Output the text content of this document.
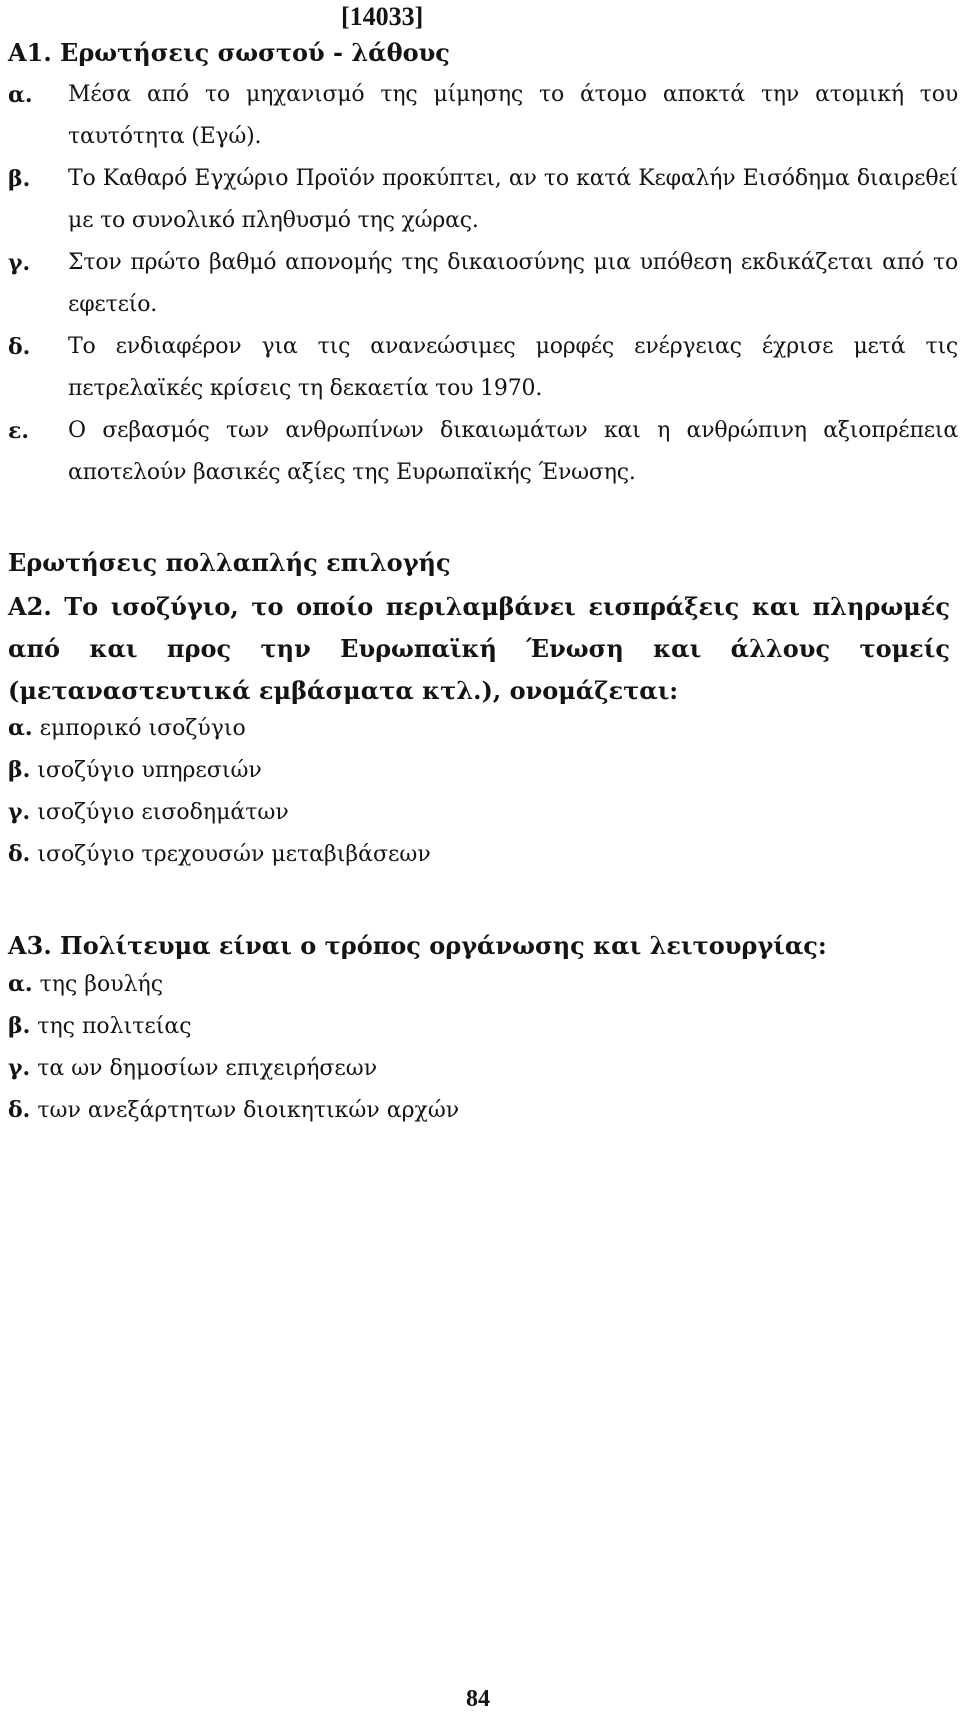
[14033]
Α1. Ερωτήσεις σωστού - λάθους
α. Μέσα από το μηχανισμό της μίμησης το άτομο αποκτά την ατομική του ταυτότητα (Εγώ).
β. Το Καθαρό Εγχώριο Προϊόν προκύπτει, αν το κατά Κεφαλήν Εισόδημα διαιρεθεί με το συνολικό πληθυσμό της χώρας.
γ. Στον πρώτο βαθμό απονομής της δικαιοσύνης μια υπόθεση εκδικάζεται από το εφετείο.
δ. Το ενδιαφέρον για τις ανανεώσιμες μορφές ενέργειας έχρισε μετά τις πετρελαϊκές κρίσεις τη δεκαετία του 1970.
ε. Ο σεβασμός των ανθρωπίνων δικαιωμάτων και η ανθρώπινη αξιοπρέπεια αποτελούν βασικές αξίες της Ευρωπαϊκής Ένωσης.
Ερωτήσεις πολλαπλής επιλογής
Α2. Το ισοζύγιο, το οποίο περιλαμβάνει εισπράξεις και πληρωμές από και προς την Ευρωπαϊκή Ένωση και άλλους τομείς (μεταναστευτικά εμβάσματα κτλ.), ονομάζεται:
α. εμπορικό ισοζύγιο
β. ισοζύγιο υπηρεσιών
γ. ισοζύγιο εισοδημάτων
δ. ισοζύγιο τρεχουσών μεταβιβάσεων
Α3. Πολίτευμα είναι ο τρόπος οργάνωσης και λειτουργίας:
α. της βουλής
β. της πολιτείας
γ. τα ων δημοσίων επιχειρήσεων
δ. των ανεξάρτητων διοικητικών αρχών
84
